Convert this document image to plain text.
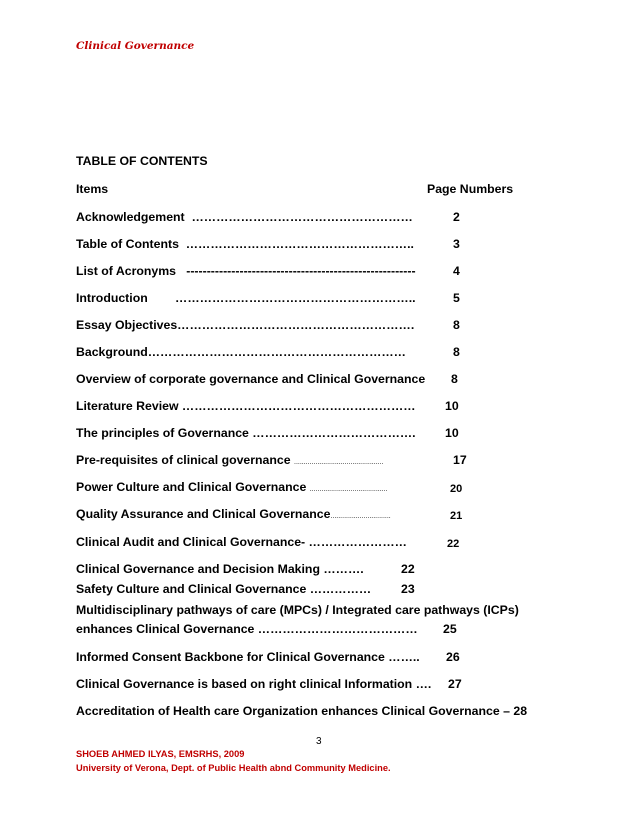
Clinical Governance
TABLE OF CONTENTS
Items	Page Numbers
Acknowledgement  ………………………………………………	2
Table of Contents  ………………………………………………..	3
List of Acronyms   --------------------------------------------------------	4
Introduction        …………………………………………………..	5
Essay Objectives………………………………………………….	8
Background………………………………………………………	8
Overview of corporate governance and Clinical Governance 8
Literature Review ………………………………………………… 10
The principles of Governance …………………………………. 10
Pre-requisites of clinical governance ..............................................	17
Power Culture and Clinical Governance ........................................	20
Quality Assurance and Clinical Governance...............................	21
Clinical Audit and Clinical Governance- ……………………	22
Clinical Governance and Decision Making ……….	22
Safety Culture and Clinical Governance …………… 23
Multidisciplinary pathways of care (MPCs) / Integrated care pathways (ICPs)
enhances Clinical Governance ………………………………… 25
Informed Consent Backbone for Clinical Governance …….. 26
Clinical Governance is based on right clinical Information …. 27
Accreditation of Health care Organization enhances Clinical Governance – 28
3
SHOEB AHMED ILYAS, EMSRHS, 2009
University of Verona, Dept. of Public Health abnd Community Medicine.
